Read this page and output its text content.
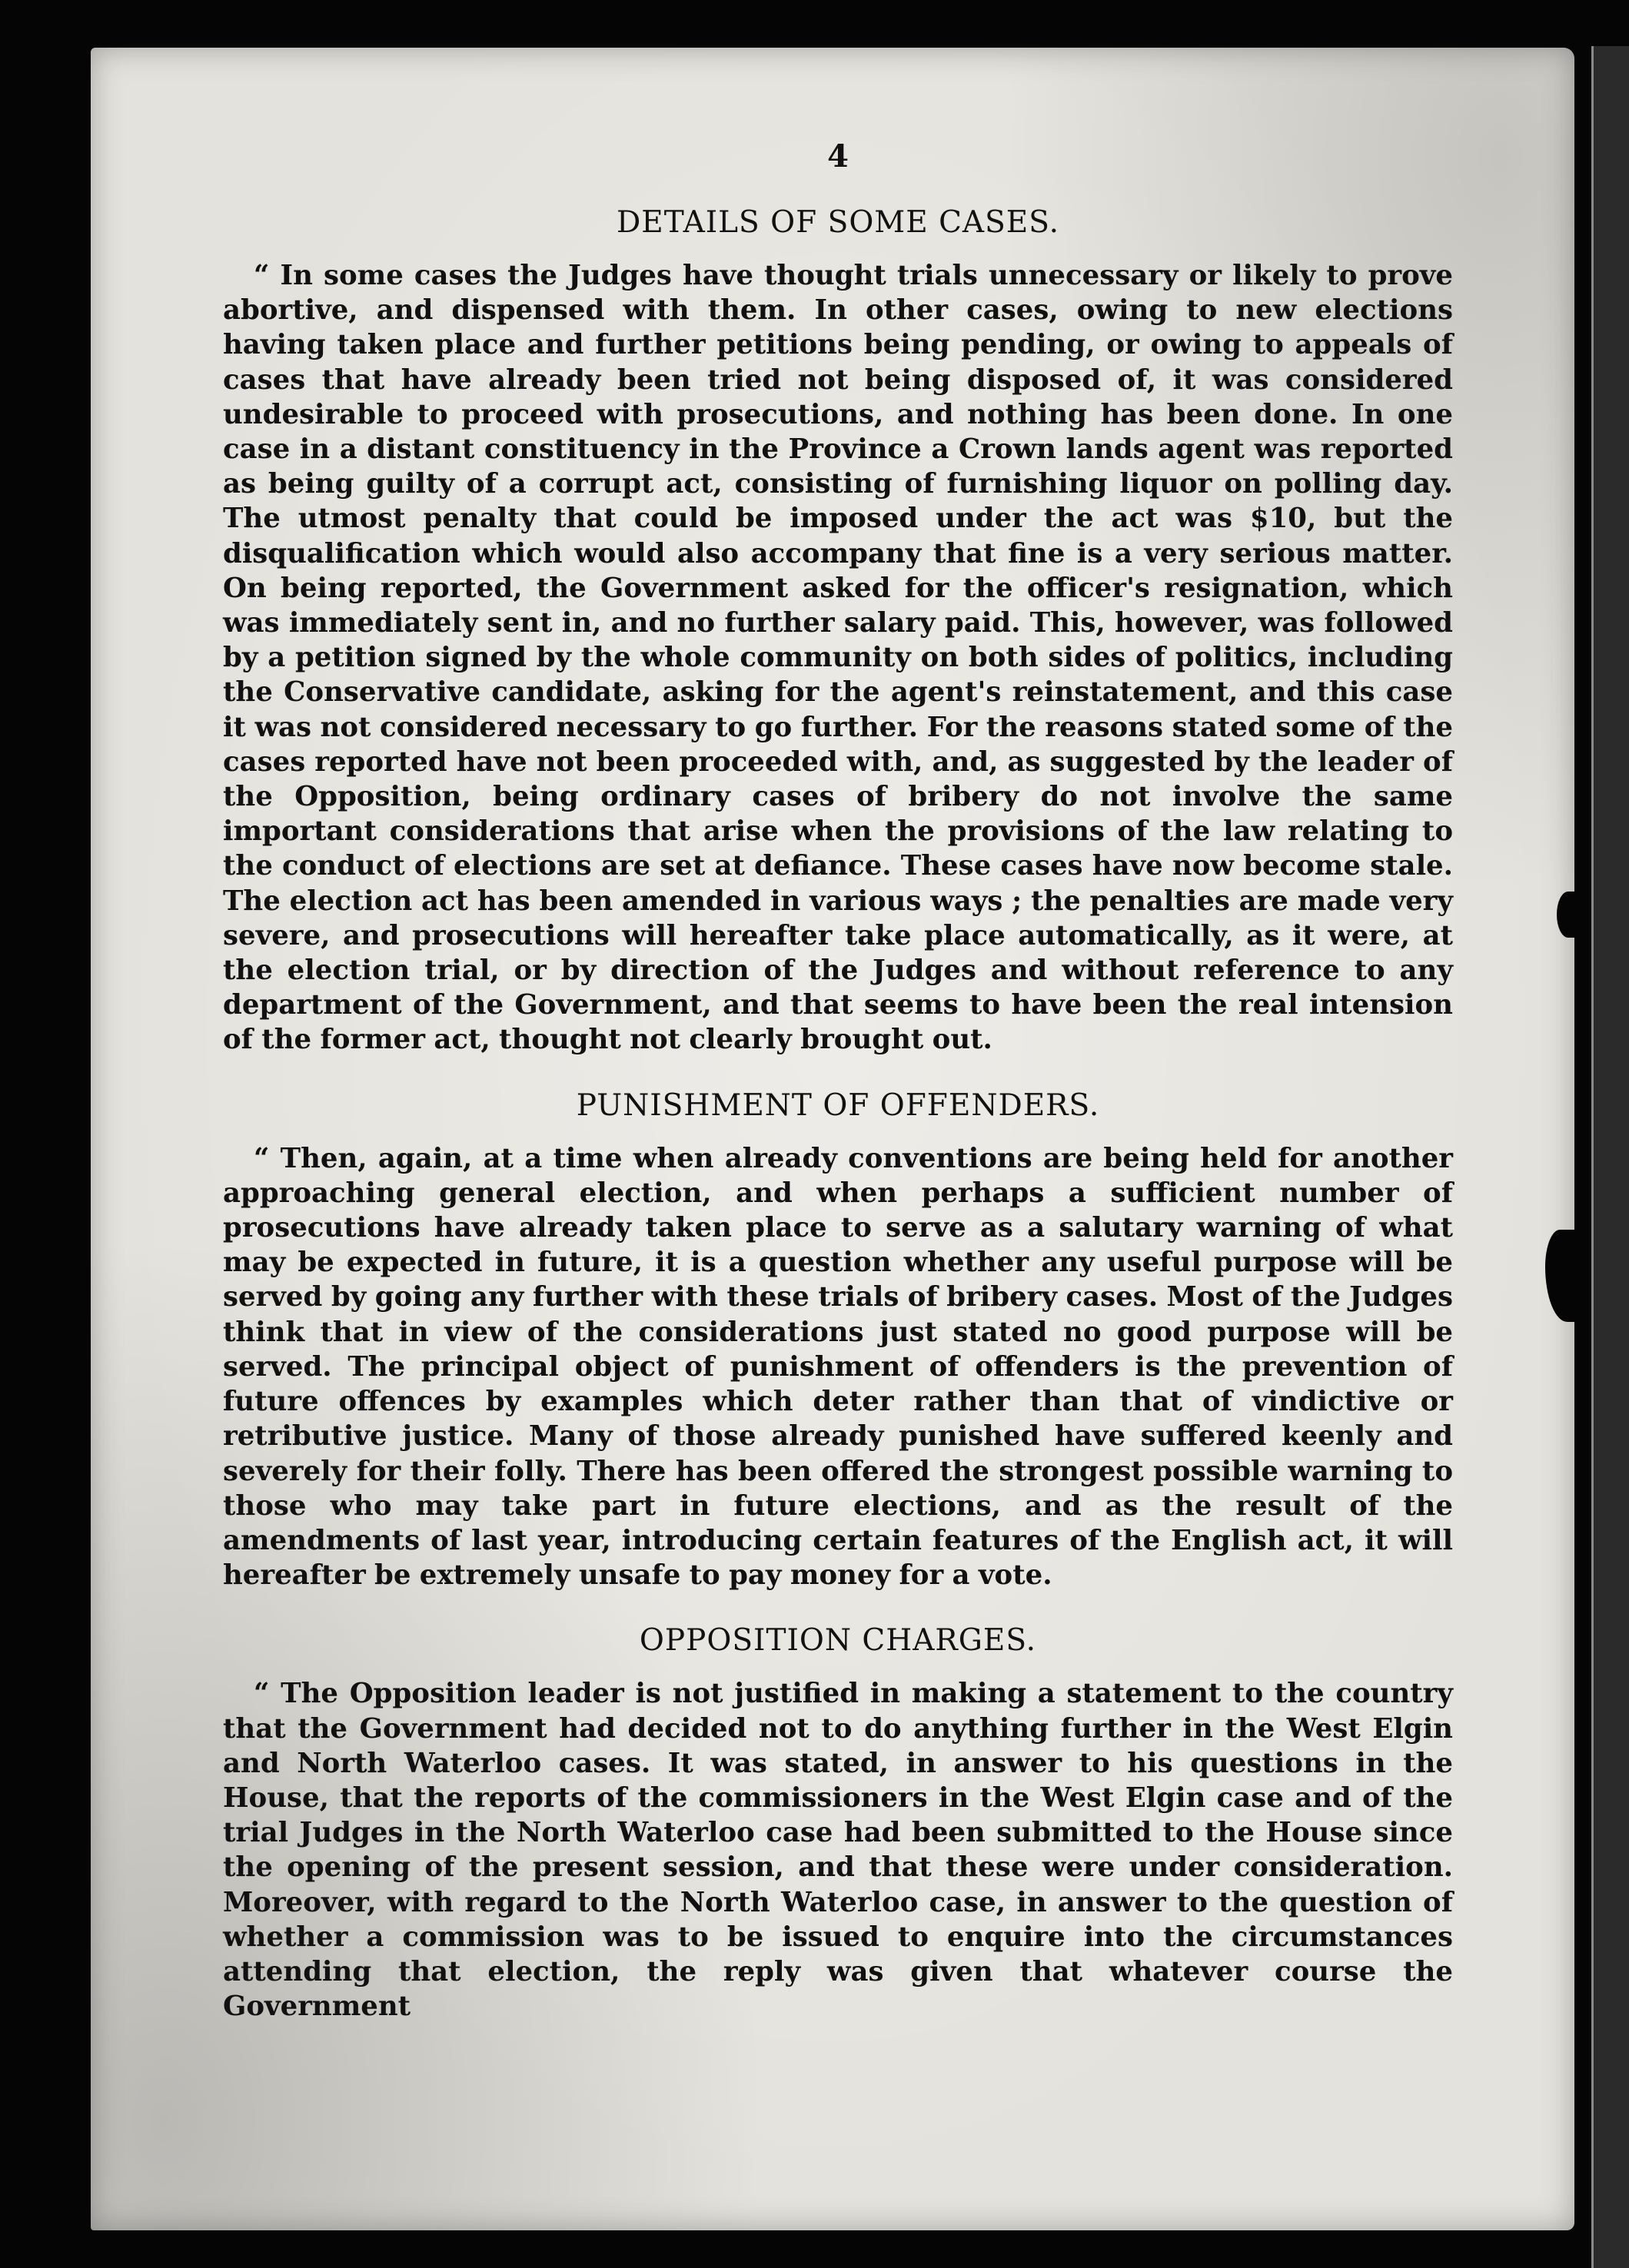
4
DETAILS OF SOME CASES.

“ In some cases the Judges have thought trials unnecessary or likely to prove abortive, and dispensed with them. In other cases, owing to new elections having taken place and further petitions being pending, or owing to appeals of cases that have already been tried not being disposed of, it was considered undesirable to proceed with prosecutions, and nothing has been done. In one case in a distant constituency in the Province a Crown lands agent was reported as being guilty of a corrupt act, consisting of furnishing liquor on polling day. The utmost penalty that could be imposed under the act was $10, but the disqualification which would also accompany that fine is a very serious matter. On being reported, the Government asked for the officer's resignation, which was immediately sent in, and no further salary paid. This, however, was followed by a petition signed by the whole community on both sides of politics, including the Conservative candidate, asking for the agent's reinstatement, and this case it was not considered necessary to go further. For the reasons stated some of the cases reported have not been proceeded with, and, as suggested by the leader of the Opposition, being ordinary cases of bribery do not involve the same important considerations that arise when the provisions of the law relating to the conduct of elections are set at defiance. These cases have now become stale. The election act has been amended in various ways ; the penalties are made very severe, and prosecutions will hereafter take place automatically, as it were, at the election trial, or by direction of the Judges and without reference to any department of the Government, and that seems to have been the real intension of the former act, thought not clearly brought out.

PUNISHMENT OF OFFENDERS.

“ Then, again, at a time when already conventions are being held for another approaching general election, and when perhaps a sufficient number of prosecutions have already taken place to serve as a salutary warning of what may be expected in future, it is a question whether any useful purpose will be served by going any further with these trials of bribery cases. Most of the Judges think that in view of the considerations just stated no good purpose will be served. The principal object of punishment of offenders is the prevention of future offences by examples which deter rather than that of vindictive or retributive justice. Many of those already punished have suffered keenly and severely for their folly. There has been offered the strongest possible warning to those who may take part in future elections, and as the result of the amendments of last year, introducing certain features of the English act, it will hereafter be extremely unsafe to pay money for a vote.

OPPOSITION CHARGES.

“ The Opposition leader is not justified in making a statement to the country that the Government had decided not to do anything further in the West Elgin and North Waterloo cases. It was stated, in answer to his questions in the House, that the reports of the commissioners in the West Elgin case and of the trial Judges in the North Waterloo case had been submitted to the House since the opening of the present session, and that these were under consideration. Moreover, with regard to the North Waterloo case, in answer to the question of whether a commission was to be issued to enquire into the circumstances attending that election, the reply was given that whatever course the Government
